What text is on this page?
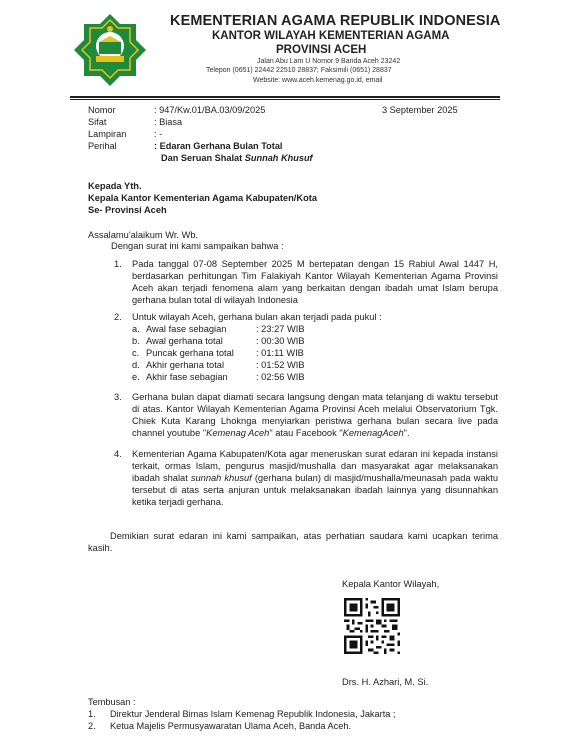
KEMENTERIAN AGAMA REPUBLIK INDONESIA
KANTOR WILAYAH KEMENTERIAN AGAMA
PROVINSI ACEH
Jalan Abu Lam U Nomor 9 Banda Aceh 23242
Telepon (0651) 22442 22510 28837; Faksimili (0651) 28837
Website: www.aceh.kemenag.go.id, email
Nomor	: 947/Kw.01/BA.03/09/2025	3 September 2025
Sifat	: Biasa
Lampiran	: -
Perihal	: Edaran Gerhana Bulan Total
Dan Seruan Shalat Sunnah Khusuf
Kepada Yth.
Kepala Kantor Kementerian Agama Kabupaten/Kota
Se- Provinsi Aceh
Assalamu'alaikum Wr. Wb.
Dengan surat ini kami sampaikan bahwa :
1. Pada tanggal 07-08 September 2025 M bertepatan dengan 15 Rabiul Awal 1447 H, berdasarkan perhitungan Tim Falakiyah Kantor Wilayah Kementerian Agama Provinsi Aceh akan terjadi fenomena alam yang berkaitan dengan ibadah umat Islam berupa gerhana bulan total di wilayah Indonesia
2. Untuk wilayah Aceh, gerhana bulan akan terjadi pada pukul :
a. Awal fase sebagian	: 23:27 WIB
b. Awal gerhana total	: 00:30 WIB
c. Puncak gerhana total : 01:11 WIB
d. Akhir gerhana total	: 01:52 WIB
e. Akhir fase sebagian	: 02:56 WIB
3. Gerhana bulan dapat diamati secara langsung dengan mata telanjang di waktu tersebut di atas. Kantor Wilayah Kementerian Agama Provinsi Aceh melalui Observatorium Tgk. Chiek Kuta Karang Lhoknga menyiarkan peristiwa gerhana bulan secara live pada channel youtube "Kemenag Aceh" atau Facebook "KemenagAceh".
4. Kementerian Agama Kabupaten/Kota agar meneruskan surat edaran ini kepada instansi terkait, ormas Islam, pengurus masjid/mushalla dan masyarakat agar melaksanakan ibadah shalat sunnah khusuf (gerhana bulan) di masjid/mushalla/meunasah pada waktu tersebut di atas serta anjuran untuk melaksanakan ibadah lainnya yang disunnahkan ketika terjadi gerhana.
Demikian surat edaran ini kami sampaikan, atas perhatian saudara kami ucapkan terima kasih.
Kepala Kantor Wilayah,
Drs. H. Azhari, M. Si.
Tembusan :
1. Direktur Jenderal Bimas Islam Kemenag Republik Indonesia, Jakarta ;
2. Ketua Majelis Permusyawaratan Ulama Aceh, Banda Aceh.
